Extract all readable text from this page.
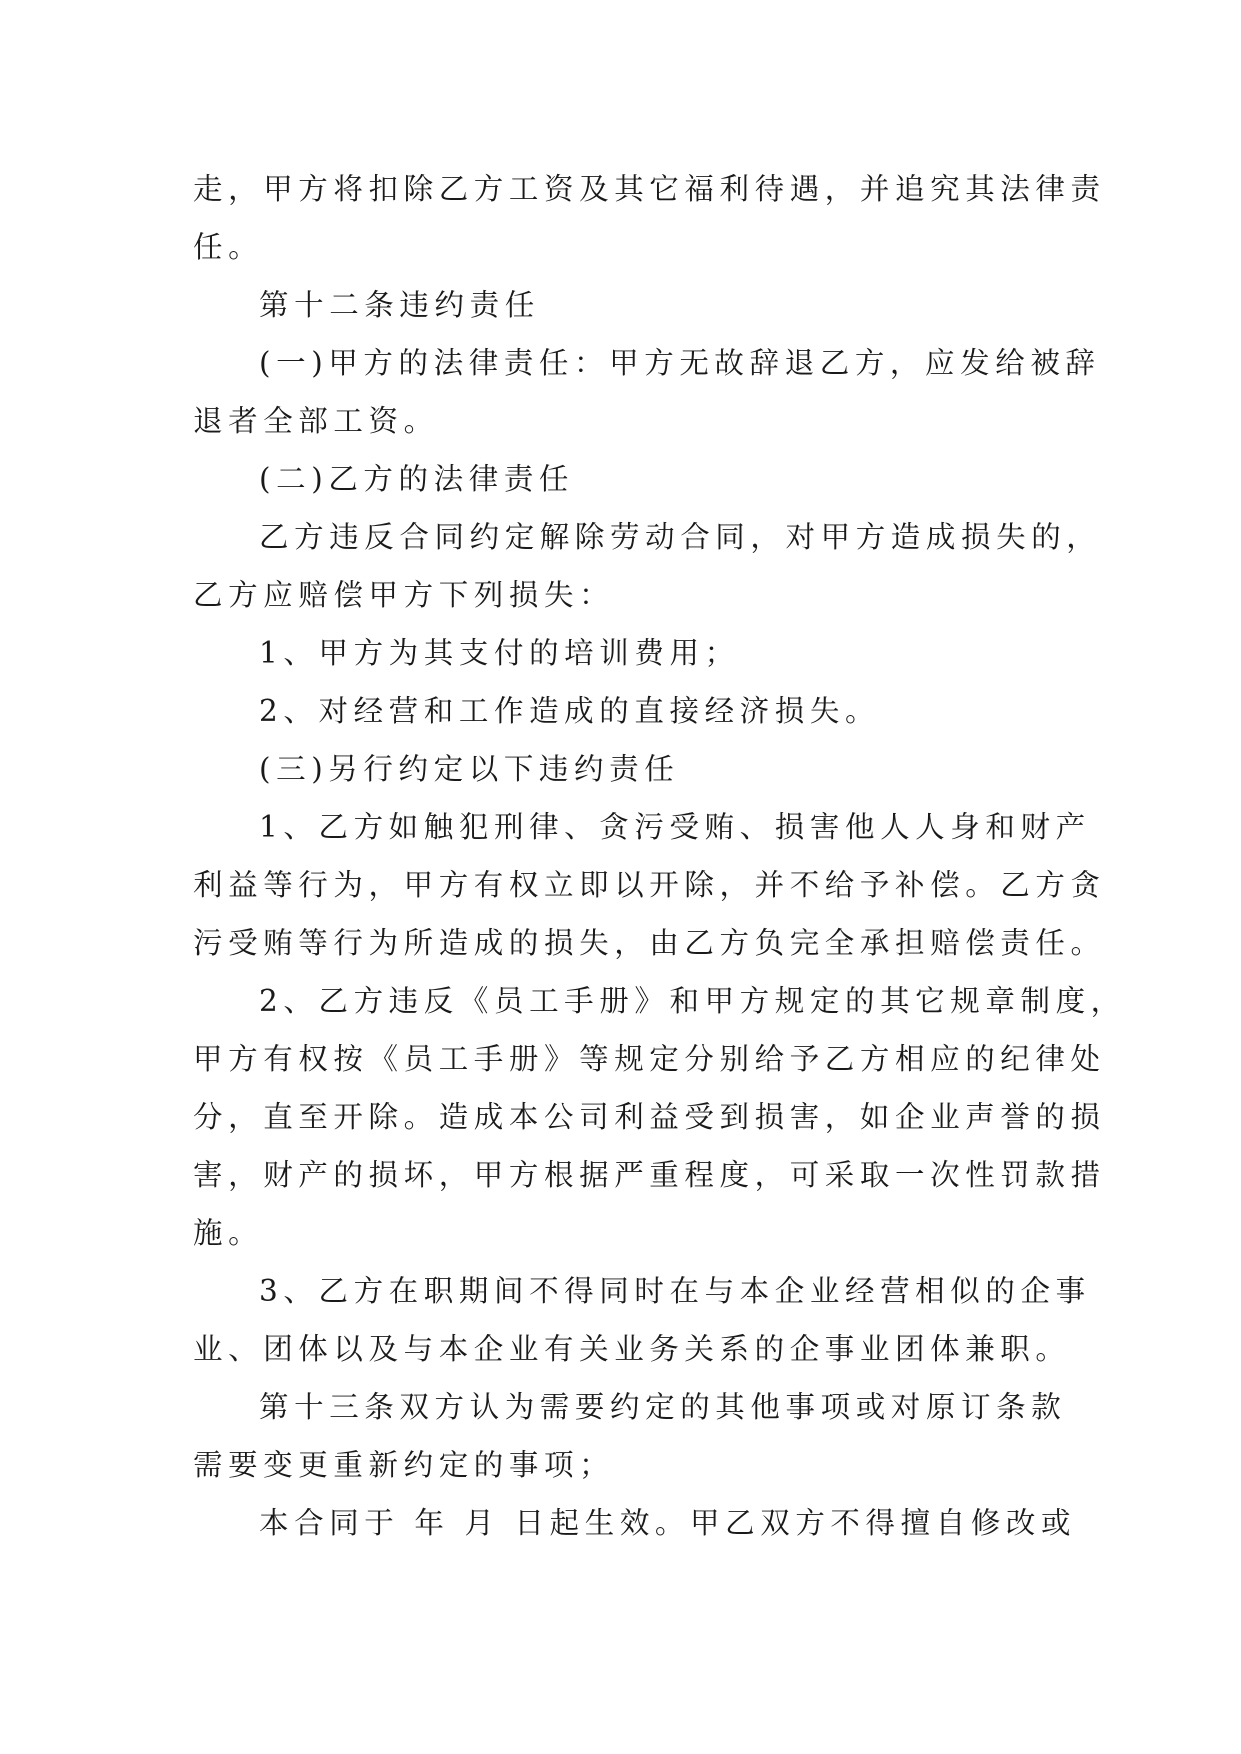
走，甲方将扣除乙方工资及其它福利待遇，并追究其法律责
任。
第十二条违约责任
(一)甲方的法律责任：甲方无故辞退乙方，应发给被辞
退者全部工资。
(二)乙方的法律责任
乙方违反合同约定解除劳动合同，对甲方造成损失的，
乙方应赔偿甲方下列损失：
1、甲方为其支付的培训费用；
2、对经营和工作造成的直接经济损失。
(三)另行约定以下违约责任
1、乙方如触犯刑律、贪污受贿、损害他人人身和财产
利益等行为，甲方有权立即以开除，并不给予补偿。乙方贪
污受贿等行为所造成的损失，由乙方负完全承担赔偿责任。
2、乙方违反《员工手册》和甲方规定的其它规章制度，
甲方有权按《员工手册》等规定分别给予乙方相应的纪律处
分，直至开除。造成本公司利益受到损害，如企业声誉的损
害，财产的损坏，甲方根据严重程度，可采取一次性罚款措
施。
3、乙方在职期间不得同时在与本企业经营相似的企事
业、团体以及与本企业有关业务关系的企事业团体兼职。
第十三条双方认为需要约定的其他事项或对原订条款
需要变更重新约定的事项；
本合同于 年 月 日起生效。甲乙双方不得擅自修改或
